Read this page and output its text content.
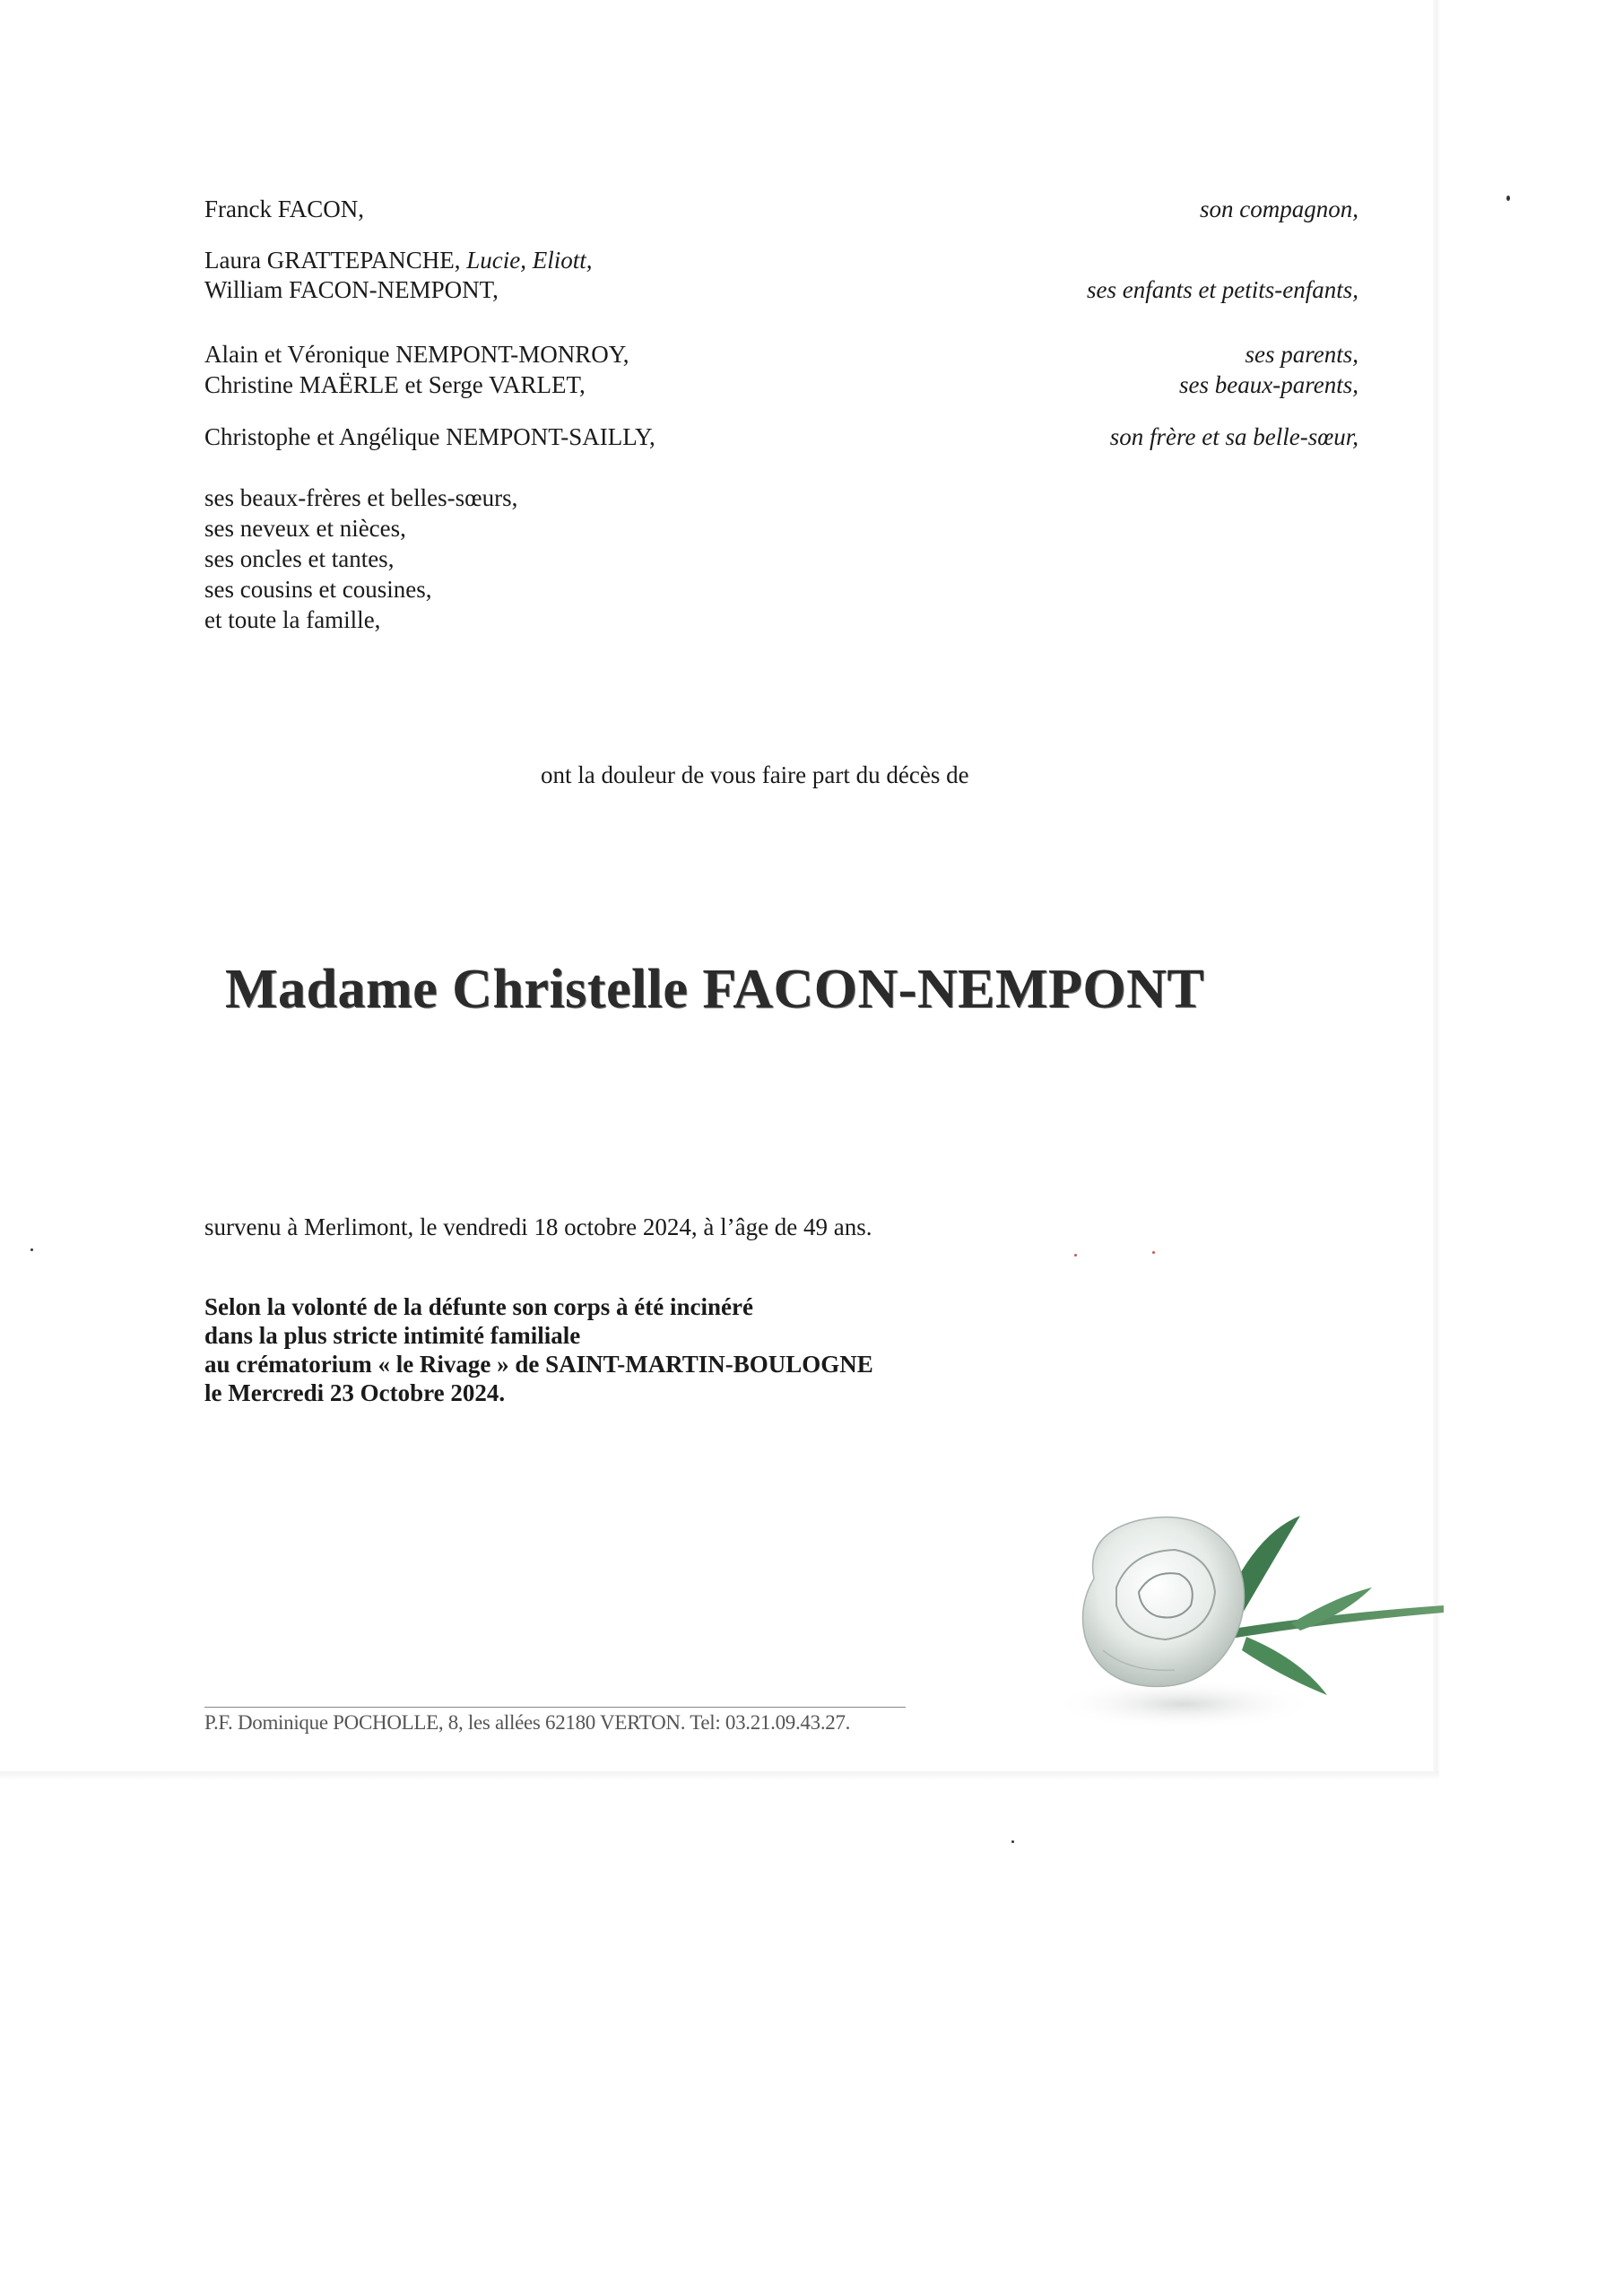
Franck FACON,
Laura GRATTEPANCHE, Lucie, Eliott,
William FACON-NEMPONT,
Alain et Véronique NEMPONT-MONROY,
Christine MAËRLE et Serge VARLET,
Christophe et Angélique NEMPONT-SAILLY,
son compagnon,
ses enfants et petits-enfants,
ses parents,
ses beaux-parents,
son frère et sa belle-sœur,
ses beaux-frères et belles-sœurs,
ses neveux et nièces,
ses oncles et tantes,
ses cousins et cousines,
et toute la famille,
ont la douleur de vous faire part du décès de
Madame Christelle FACON-NEMPONT
survenu à Merlimont, le vendredi 18 octobre 2024, à l’âge de 49 ans.
Selon la volonté de la défunte son corps à été incinéré
dans la plus stricte intimité familiale
au crématorium « le Rivage » de SAINT-MARTIN-BOULOGNE
le Mercredi 23 Octobre 2024.
P.F. Dominique POCHOLLE, 8, les allées 62180 VERTON. Tel: 03.21.09.43.27.
